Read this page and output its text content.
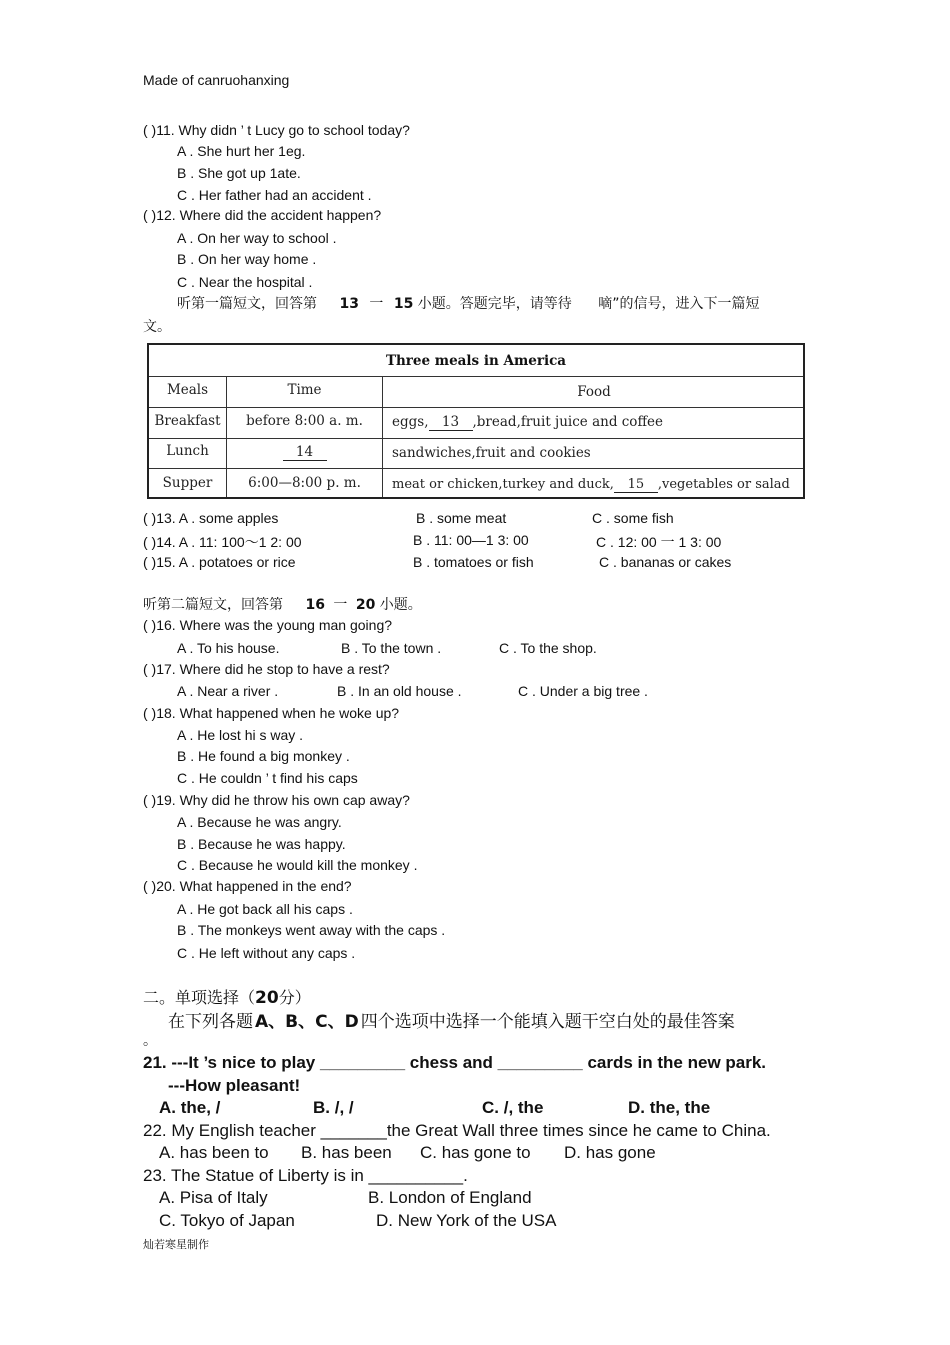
Made of canruohanxing
( )11. Why didn ’ t Lucy go to school today?
A . She hurt her 1eg.
B . She got up 1ate.
C . Her father had an accident .
( )12. Where did the accident happen?
A . On her way to school .
B . On her way home .
C . Near the hospital .
听第一篇短文，回答第 13 一 15 小题。答题完毕，请等待 嘀”的信号，进入下一篇短
文。
Three meals in America
Meals	Time	Food
Breakfast	before 8:00 a. m.	eggs, 13 ,bread,fruit juice and coffee
Lunch	14	sandwiches,fruit and cookies
Supper	6:00—8:00 p. m.	meat or chicken,turkey and duck, 15 ,vegetables or salad
( )13. A . some apples	B . some meat	C . some fish
( )14. A . 11: 100～1 2: 00	B . 11: 00—1 3: 00	C . 12: 00 一 1 3: 00
( )15. A . potatoes or rice	B . tomatoes or fish	C . bananas or cakes
听第二篇短文，回答第 16 一 20 小题。
( )16. Where was the young man going?
A . To his house.	B . To the town .	C . To the shop.
( )17. Where did he stop to have a rest?
A . Near a river .	B . In an old house .	C . Under a big tree .
( )18. What happened when he woke up?
A . He lost hi s way .
B . He found a big monkey .
C . He couldn ’ t find his caps
( )19. Why did he throw his own cap away?
A . Because he was angry.
B . Because he was happy.
C . Because he would kill the monkey .
( )20. What happened in the end?
A . He got back all his caps .
B . The monkeys went away with the caps .
C . He left without any caps .
二。单项选择（20分）
在下列各题 A、B、C、D 四个选项中选择一个能填入题干空白处的最佳答案
。
21. ---It ’s nice to play _________ chess and _________ cards in the new park.
---How pleasant!
A. the, /	B. /, /	C. /, the	D. the, the
22. My English teacher _______the Great Wall three times since he came to China.
A. has been to B. has been C. has gone to D. has gone
23. The Statue of Liberty is in __________.
A. Pisa of Italy	B. London of England
C. Tokyo of Japan	D. New York of the USA
灿若寒星制作
